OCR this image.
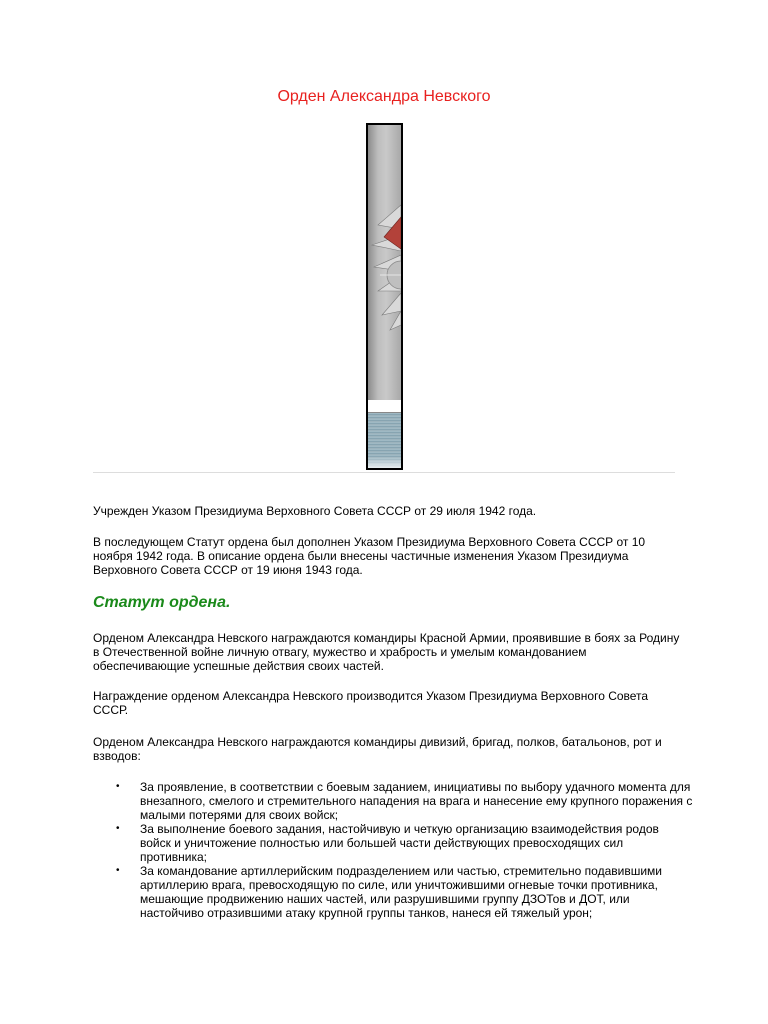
Орден Александра Невского

Учрежден Указом Президиума Верховного Совета СССР от 29 июля 1942 года.

В последующем Статут ордена был дополнен Указом Президиума Верховного Совета СССР от 10 ноября 1942 года. В описание ордена были внесены частичные изменения Указом Президиума Верховного Совета СССР от 19 июня 1943 года.

Статут ордена.

Орденом Александра Невского награждаются командиры Красной Армии, проявившие в боях за Родину в Отечественной войне личную отвагу, мужество и храбрость и умелым командованием обеспечивающие успешные действия своих частей.

Награждение орденом Александра Невского производится Указом Президиума Верховного Совета СССР.

Орденом Александра Невского награждаются командиры дивизий, бригад, полков, батальонов, рот и взводов:

• За проявление, в соответствии с боевым заданием, инициативы по выбору удачного момента для внезапного, смелого и стремительного нападения на врага и нанесение ему крупного поражения с малыми потерями для своих войск;
• За выполнение боевого задания, настойчивую и четкую организацию взаимодействия родов войск и уничтожение полностью или большей части действующих превосходящих сил противника;
• За командование артиллерийским подразделением или частью, стремительно подавившими артиллерию врага, превосходящую по силе, или уничтожившими огневые точки противника, мешающие продвижению наших частей, или разрушившими группу ДЗОТов и ДОТ, или настойчиво отразившими атаку крупной группы танков, нанеся ей тяжелый урон;
